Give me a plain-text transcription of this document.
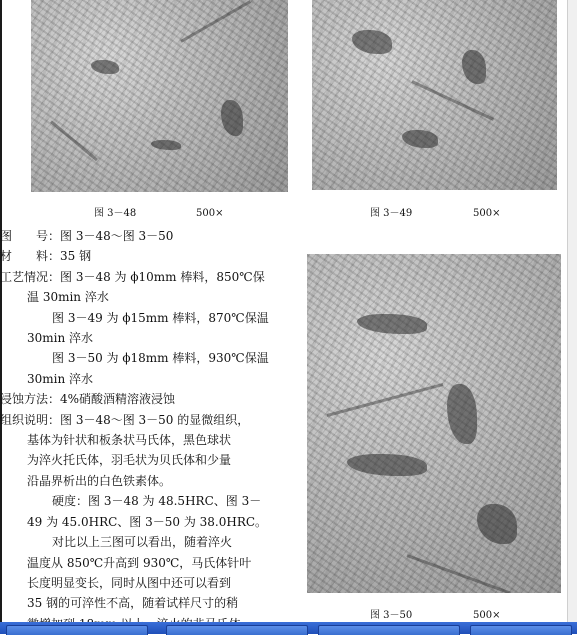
图 3－48	500×	图 3－49	500×
图 3－50	500×

图　　号：图 3－48～图 3－50

材　　料：35 钢

工艺情况：图 3－48 为 ϕ10mm 棒料，850℃保

温 30min 淬水

图 3－49 为 ϕ15mm 棒料，870℃保温

30min 淬水

图 3－50 为 ϕ18mm 棒料，930℃保温

30min 淬水

浸蚀方法：4%硝酸酒精溶液浸蚀

组织说明：图 3－48～图 3－50 的显微组织，

基体为针状和板条状马氏体，黑色球状

为淬火托氏体，羽毛状为贝氏体和少量

沿晶界析出的白色铁素体。

硬度：图 3－48 为 48.5HRC、图 3－

49 为 45.0HRC、图 3－50 为 38.0HRC。

对比以上三图可以看出，随着淬火

温度从 850℃升高到 930℃，马氏体针叶

长度明显变长，同时从图中还可以看到

35 钢的可淬性不高，随着试样尺寸的稍
